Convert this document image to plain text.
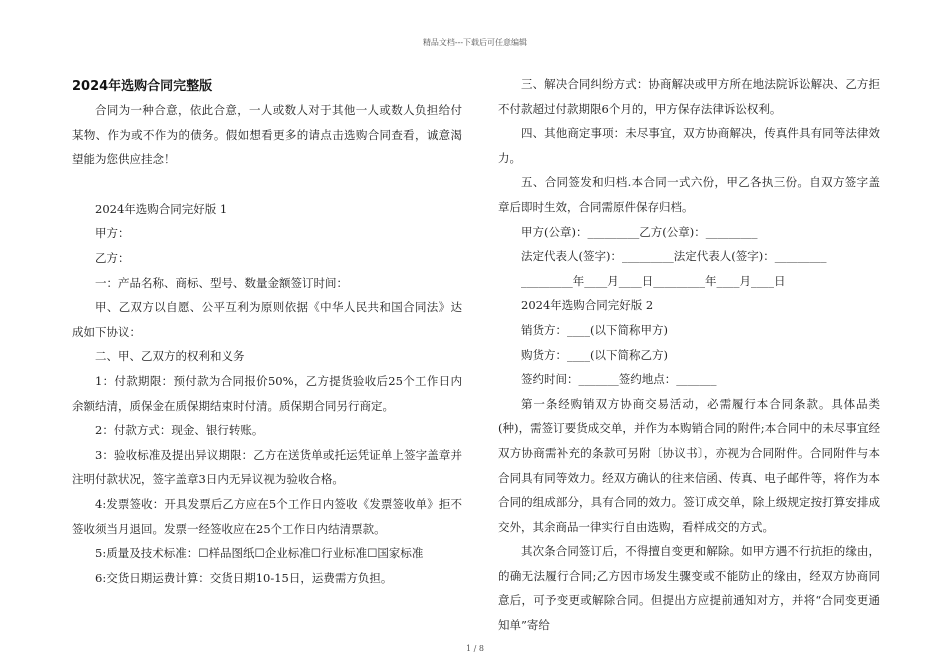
精品文档---下载后可任意编辑
2024年选购合同完整版

合同为一种合意，依此合意，一人或数人对于其他一人或数人负担给付某物、作为或不作为的债务。假如想看更多的请点击选购合同查看，诚意渴望能为您供应挂念！

2024年选购合同完好版 1

甲方：

乙方：

一：产品名称、商标、型号、数量金额签订时间：

甲、乙双方以自愿、公平互利为原则依据《中华人民共和国合同法》达成如下协议：

二、甲、乙双方的权利和义务

1：付款期限：预付款为合同报价50%，乙方提货验收后25个工作日内余额结清，质保金在质保期结束时付清。质保期合同另行商定。

2：付款方式：现金、银行转账。

3：验收标准及提出异议期限：乙方在送货单或托运凭证单上签字盖章并注明付款状况，签字盖章3日内无异议视为验收合格。

4:发票签收：开具发票后乙方应在5个工作日内签收《发票签收单》拒不签收须当月退回。发票一经签收应在25个工作日内结清票款。

5:质量及技术标准：☐样品图纸☐企业标准☐行业标准☐国家标准

6:交货日期运费计算：交货日期10-15日，运费需方负担。

三、解决合同纠纷方式：协商解决或甲方所在地法院诉讼解决、乙方拒不付款超过付款期限6个月的，甲方保存法律诉讼权利。

四、其他商定事项：未尽事宜，双方协商解决，传真件具有同等法律效力。

五、合同签发和归档.本合同一式六份，甲乙各执三份。自双方签字盖章后即时生效，合同需原件保存归档。

甲方(公章)：_________乙方(公章)：_________

法定代表人(签字)：_________法定代表人(签字)：_________

_________年____月____日_________年____月____日

2024年选购合同完好版 2

销货方：____(以下简称甲方)

购货方：____(以下简称乙方)

签约时间：_______签约地点：_______

第一条经购销双方协商交易活动，必需履行本合同条款。具体品类(种)，需签订要货成交单，并作为本购销合同的附件;本合同中的未尽事宜经双方协商需补充的条款可另附〔协议书〕，亦视为合同附件。合同附件与本合同具有同等效力。经双方确认的往来信函、传真、电子邮件等，将作为本合同的组成部分，具有合同的效力。签订成交单，除上级规定按打算安排成交外，其余商品一律实行自由选购，看样成交的方式。

其次条合同签订后，不得擅自变更和解除。如甲方遇不行抗拒的缘由，的确无法履行合同;乙方因市场发生骤变或不能防止的缘由，经双方协商同意后，可予变更或解除合同。但提出方应提前通知对方，并将“合同变更通知单”寄给

1 / 8
